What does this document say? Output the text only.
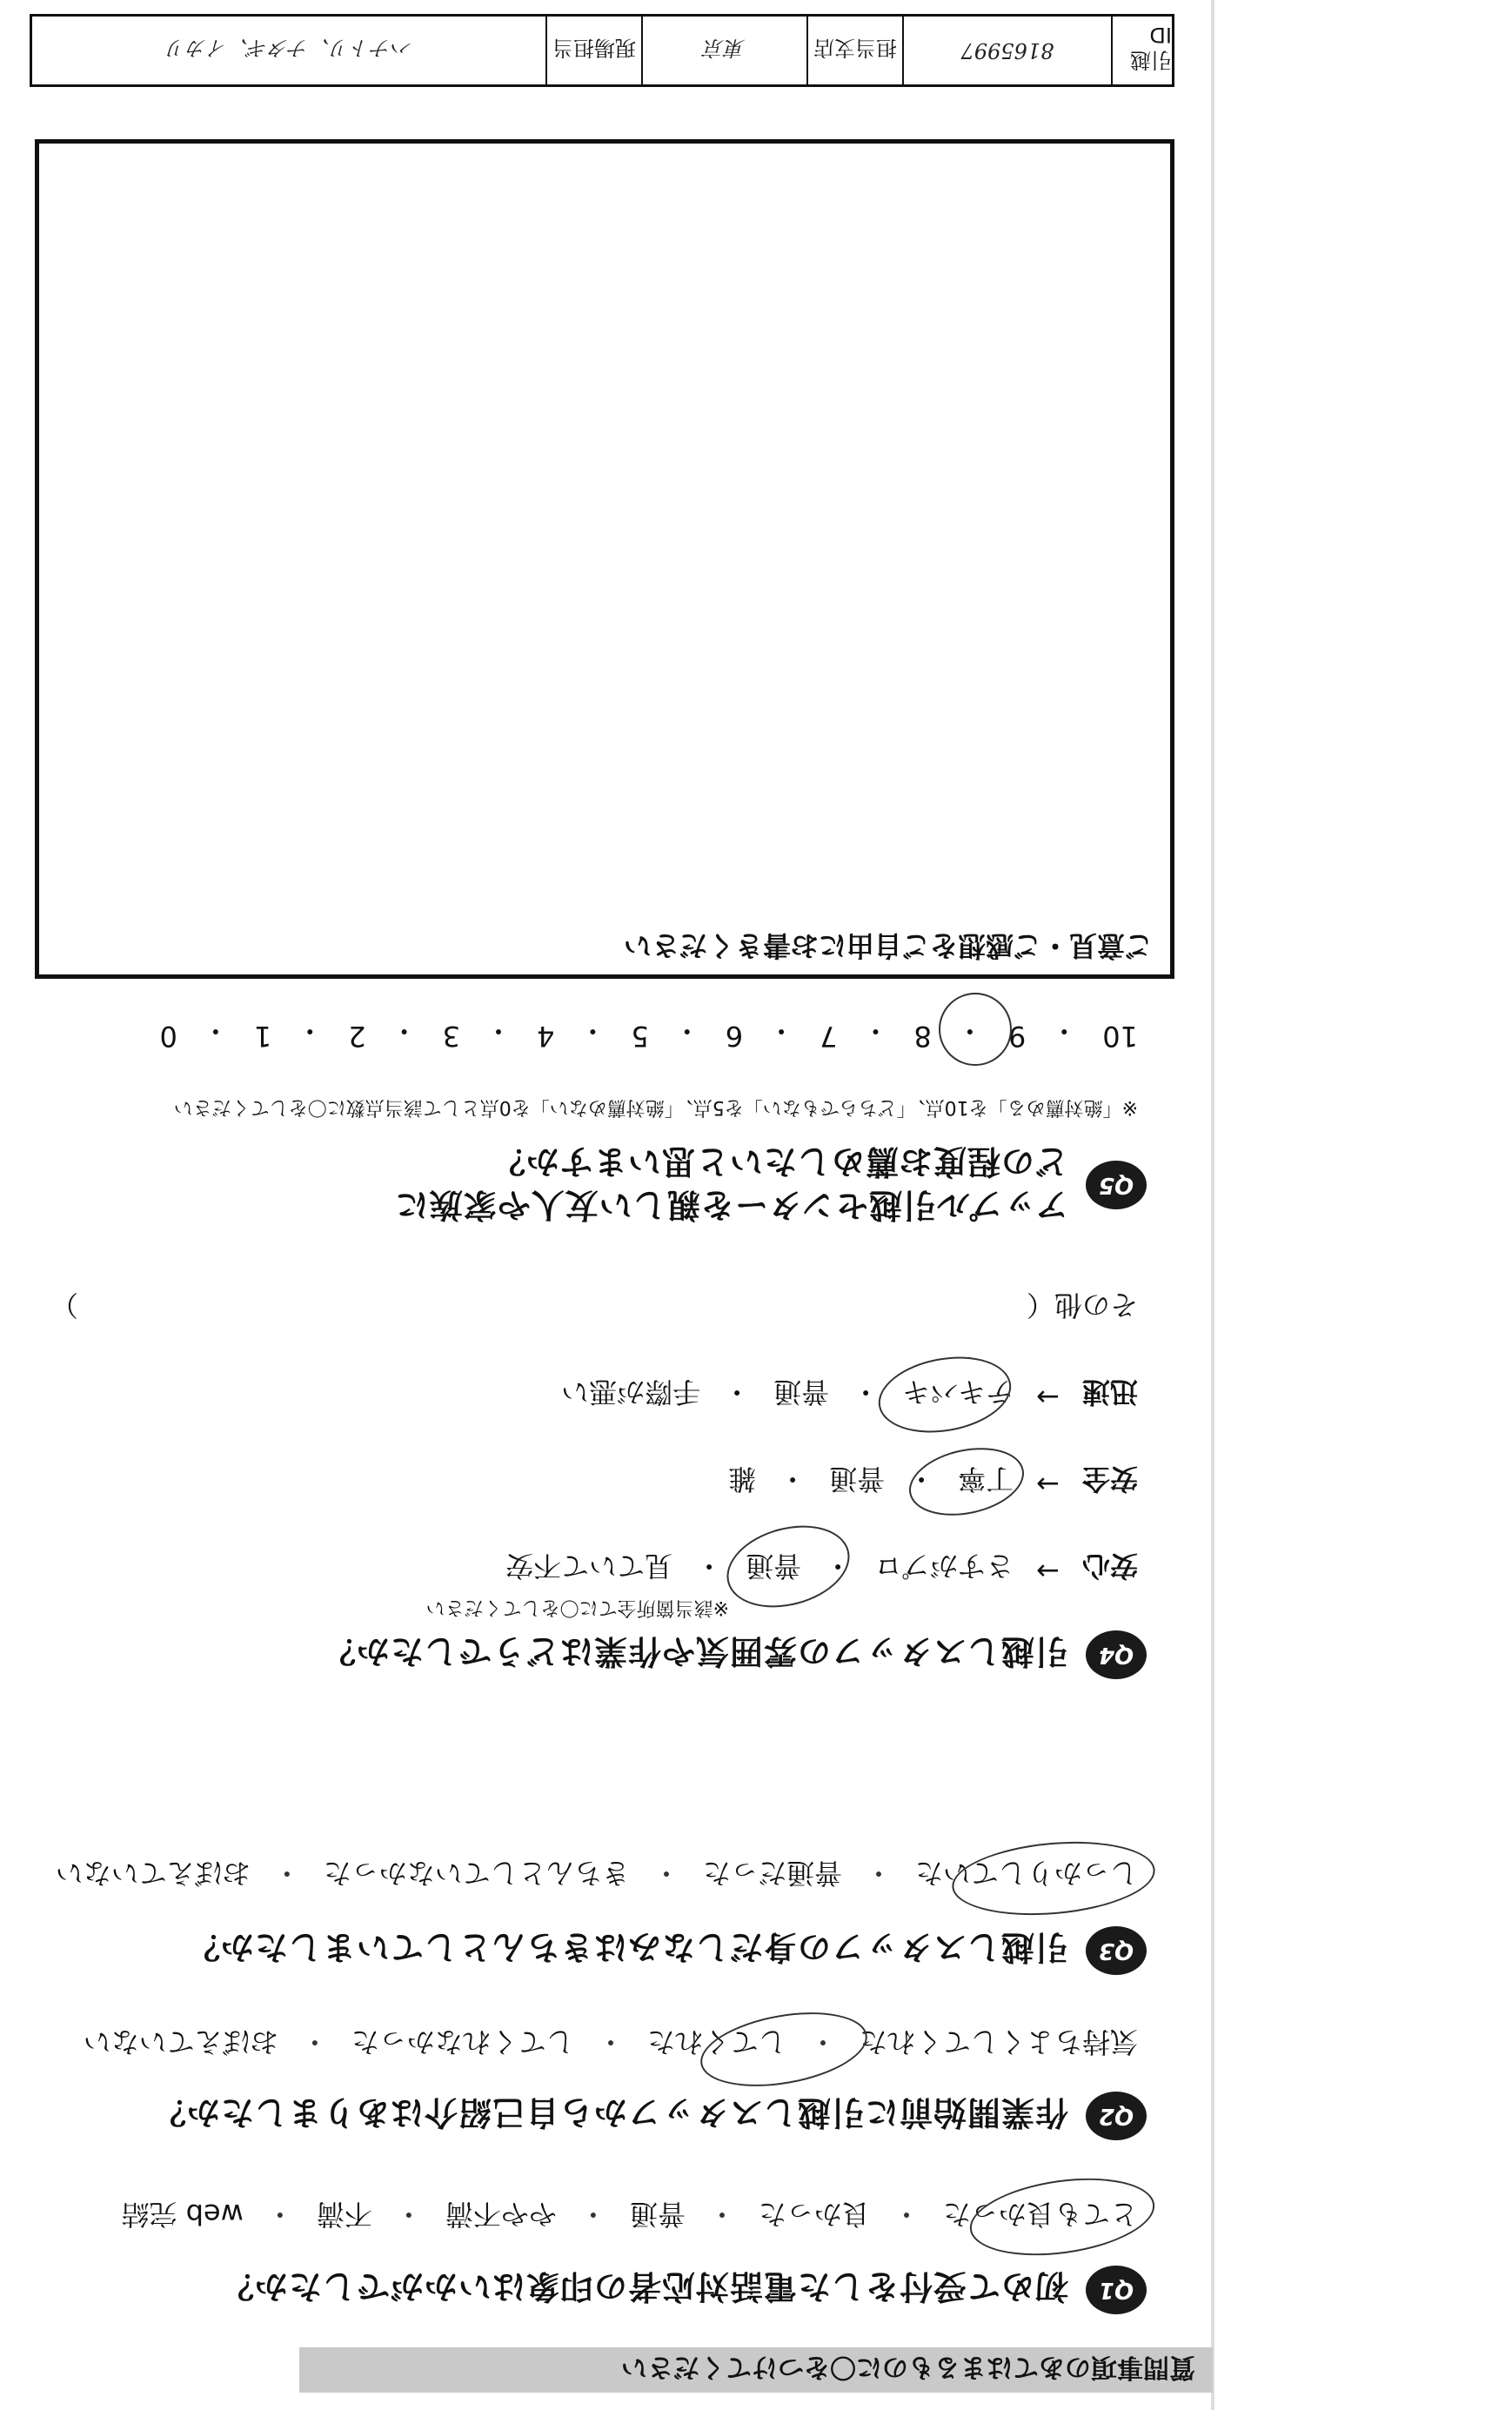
質問事項のあてはまるものに〇をつけてください
Q1
初めて受付をした電話対応者の印象はいかがでしたか？
とても良かった
・
良かった
・
普通
・
やや不満
・
不満
・
web 完結
Q2
作業開始前に引越しスタッフから自己紹介はありましたか？
気持ちよくしてくれた
・
してくれた
・
してくれなかった
・
おぼえていない
Q3
引越しスタッフの身だしなみはきちんとしていましたか？
しっかりしていた
・
普通だった
・
きちんとしていなかった
・
おぼえていない
Q4
引越しスタッフの雰囲気や作業はどうでしたか？
※該当箇所全てに〇をしてください
安心
→
さすがプロ
・
普通
・
見ていて不安
安全
→
丁寧
・
普通
・
雑
迅速
→
テキパキ
・
普通
・
手際が悪い
その他（
）
Q5
アップル引越センターを親しい友人や家族に
どの程度お薦めしたいと思いますか？
※「絶対薦める」を10点、「どちらでもない」を5点、「絶対薦めない」を0点として該当点数に〇をしてください
10
・
9
・
8
・
7
・
6
・
5
・
4
・
3
・
2
・
1
・
0
ご意見・ご感想をご自由にお書きください
引越 ID
8165997
担当支店
東京
現場担当
ハナトリ、ナタギ、イカリ
